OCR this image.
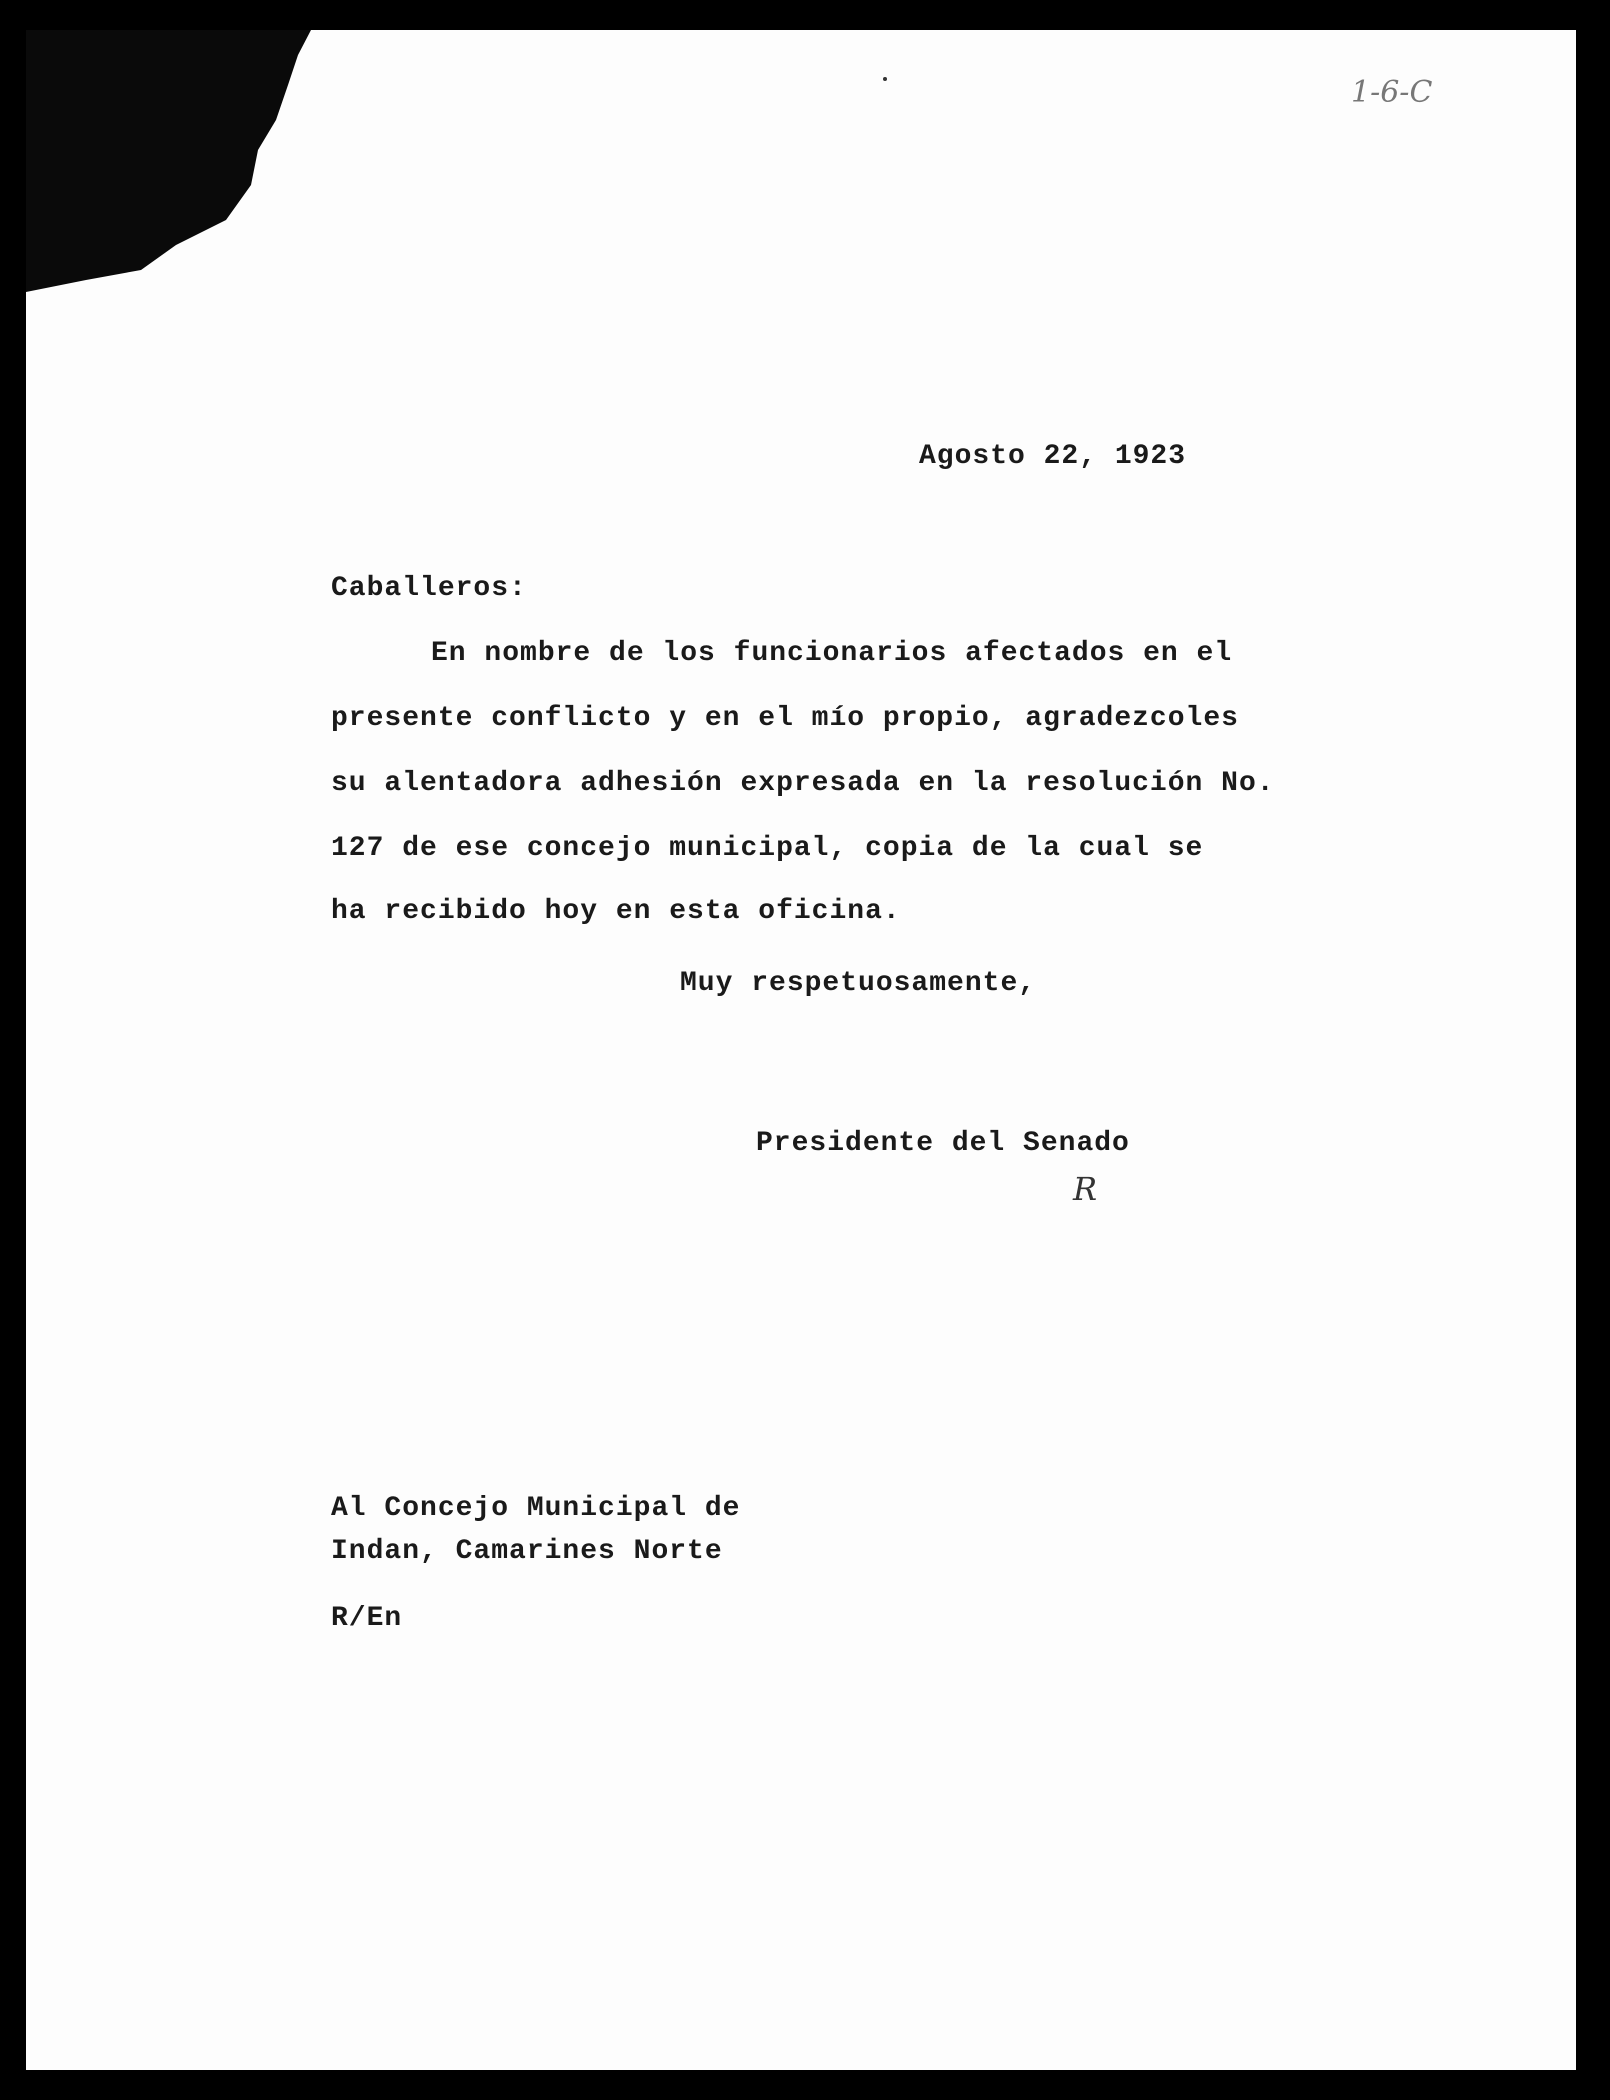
1-6-C
Agosto 22, 1923
Caballeros:
En nombre de los funcionarios afectados en el
presente conflicto y en el mío propio, agradezcoles
su alentadora adhesión expresada en la resolución No.
127 de ese concejo municipal, copia de la cual se
ha recibido hoy en esta oficina.
Muy respetuosamente,
Presidente del Senado
R
Al Concejo Municipal de
Indan, Camarines Norte
R/En
